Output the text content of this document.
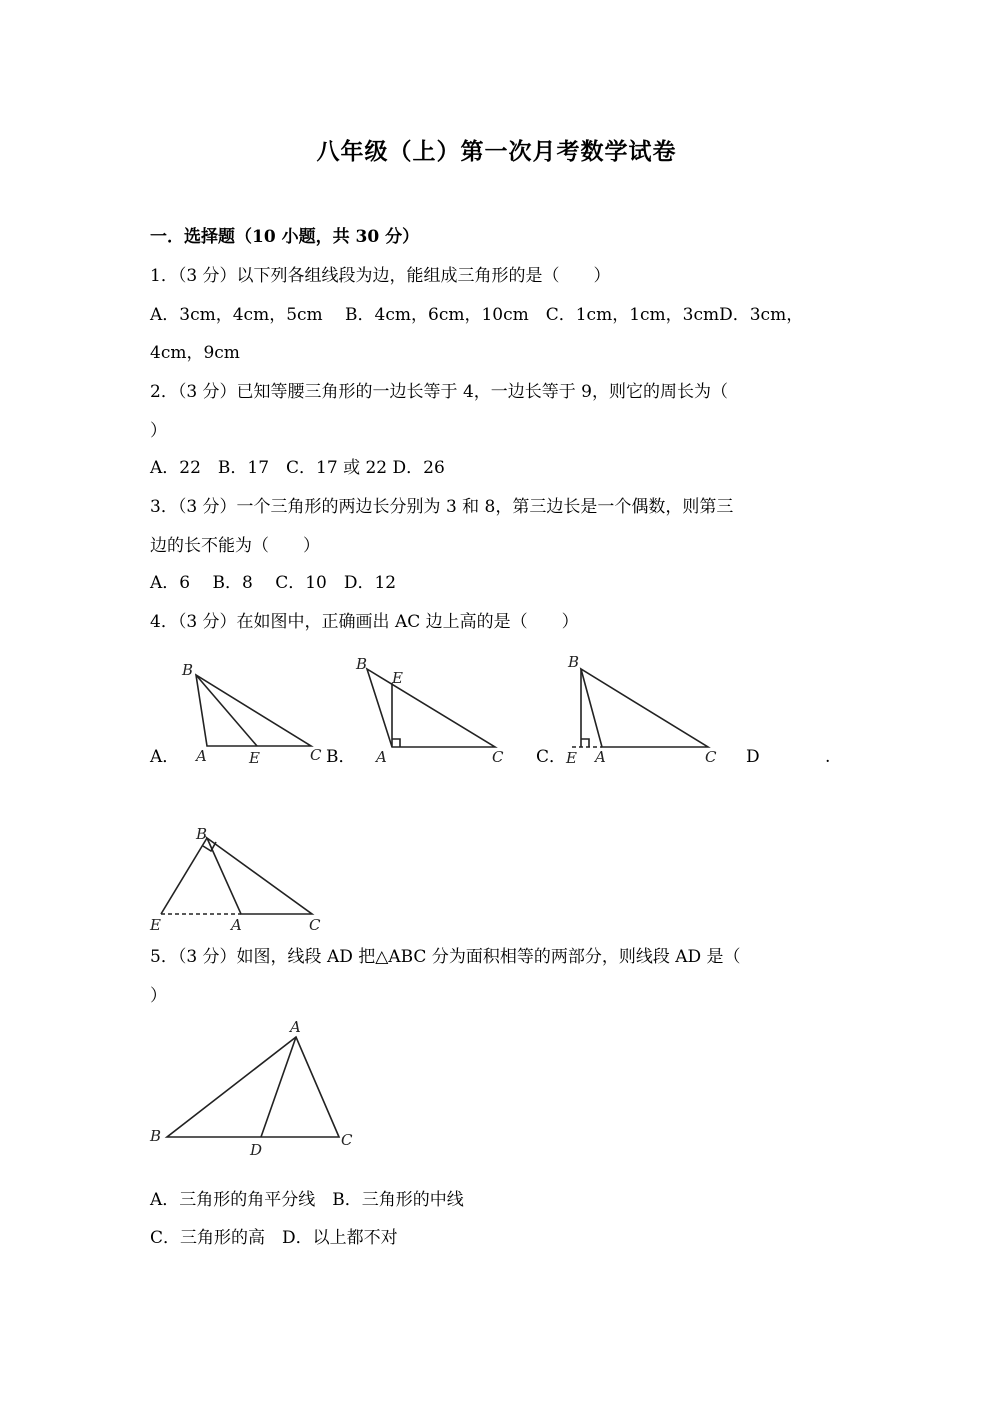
八年级（上）第一次月考数学试卷
一．选择题（10 小题，共 30 分）
1．（3 分）以下列各组线段为边，能组成三角形的是（　　）
A．3cm，4cm，5cm　 B．4cm，6cm，10cm　C．1cm，1cm，3cmD．3cm，
4cm，9cm
2．（3 分）已知等腰三角形的一边长等于 4，一边长等于 9，则它的周长为（
）
A．22　B．17　C．17 或 22 D．26
3．（3 分）一个三角形的两边长分别为 3 和 8，第三边长是一个偶数，则第三
边的长不能为（　　）
A．6　 B．8　 C．10　D．12
4．（3 分）在如图中，正确画出 AC 边上高的是（　　）
A．
B
A	E	C B．
B
E
A	C C．
B
E A	C D	.
B
E	A	C
5．（3 分）如图，线段 AD 把△ABC 分为面积相等的两部分，则线段 AD 是（
）
A
B
D
C
A．三角形的角平分线　B．三角形的中线
C．三角形的高　D．以上都不对
